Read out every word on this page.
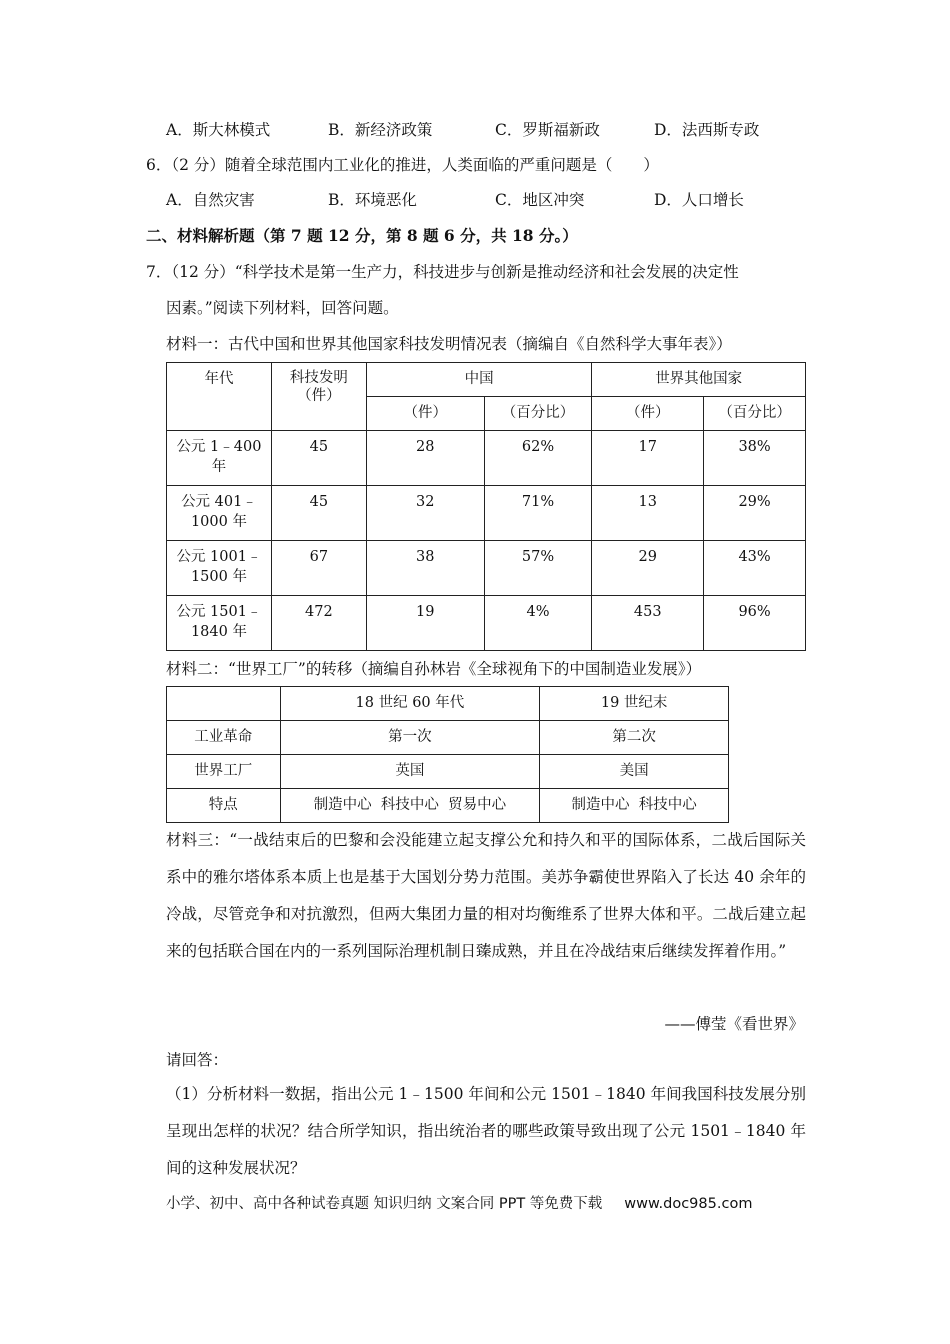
A．斯大林模式	B．新经济政策	C．罗斯福新政	D．法西斯专政
6．（2 分）随着全球范围内工业化的推进，人类面临的严重问题是（　　）
A．自然灾害	B．环境恶化	C．地区冲突	D．人口增长
二、材料解析题（第 7 题 12 分，第 8 题 6 分，共 18 分。）
7．（12 分）“科学技术是第一生产力，科技进步与创新是推动经济和社会发展的决定性
因素。”阅读下列材料，回答问题。
材料一：古代中国和世界其他国家科技发明情况表（摘编自《自然科学大事年表》）
年代	科技发明（件）	中国		世界其他国家	
		（件）	（百分比）	（件）	（百分比）
公元 1﹣400 年	45	28	62%	17	38%
公元 401﹣1000 年	45	32	71%	13	29%
公元 1001﹣1500 年	67	38	57%	29	43%
公元 1501﹣1840 年	472	19	4%	453	96%
材料二：“世界工厂”的转移（摘编自孙林岩《全球视角下的中国制造业发展》）
	18 世纪 60 年代	19 世纪末
工业革命	第一次	第二次
世界工厂	英国	美国
特点	制造中心  科技中心  贸易中心	制造中心  科技中心
材料三：“一战结束后的巴黎和会没能建立起支撑公允和持久和平的国际体系，二战后国际关系中的雅尔塔体系本质上也是基于大国划分势力范围。美苏争霸使世界陷入了长达 40 余年的冷战，尽管竞争和对抗激烈，但两大集团力量的相对均衡维系了世界大体和平。二战后建立起来的包括联合国在内的一系列国际治理机制日臻成熟，并且在冷战结束后继续发挥着作用。”
——傅莹《看世界》
请回答：
（1）分析材料一数据，指出公元 1﹣1500 年间和公元 1501﹣1840 年间我国科技发展分别呈现出怎样的状况？结合所学知识，指出统治者的哪些政策导致出现了公元 1501﹣1840 年间的这种发展状况？
小学、初中、高中各种试卷真题 知识归纳 文案合同 PPT 等免费下载 www.doc985.com
